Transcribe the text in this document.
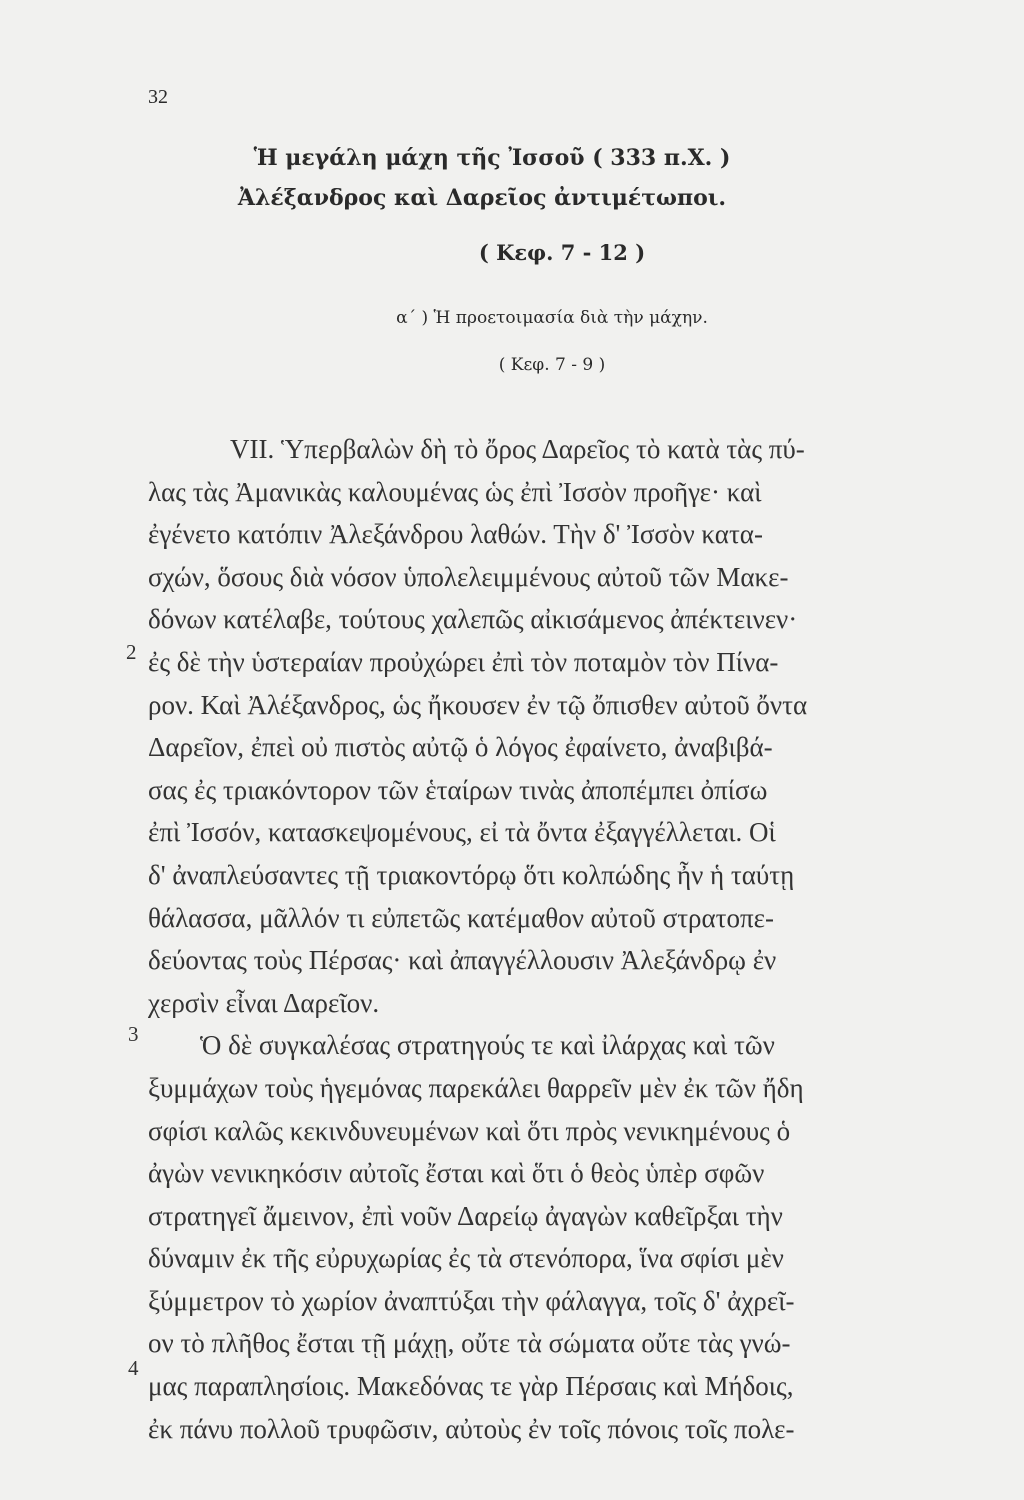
32
Ἡ μεγάλη μάχη τῆς Ἰσσοῦ ( 333 π.Χ. )
Ἀλέξανδρος καὶ Δαρεῖος ἀντιμέτωποι.
( Κεφ. 7 - 12 )
α΄ ) Ἡ προετοιμασία διὰ τὴν μάχην.
( Κεφ. 7 - 9 )
2
3
4
VII. Ὑπερβαλὼν δὴ τὸ ὄρος Δαρεῖος τὸ κατὰ τὰς πύ-
λας τὰς Ἀμανικὰς καλουμένας ὡς ἐπὶ Ἰσσὸν προῆγε· καὶ
ἐγένετο κατόπιν Ἀλεξάνδρου λαθών. Τὴν δ' Ἰσσὸν κατα-
σχών, ὅσους διὰ νόσον ὑπολελειμμένους αὐτοῦ τῶν Μακε-
δόνων κατέλαβε, τούτους χαλεπῶς αἰκισάμενος ἀπέκτεινεν·
ἐς δὲ τὴν ὑστεραίαν προὐχώρει ἐπὶ τὸν ποταμὸν τὸν Πίνα-
ρον. Καὶ Ἀλέξανδρος, ὡς ἤκουσεν ἐν τῷ ὄπισθεν αὐτοῦ ὄντα
Δαρεῖον, ἐπεὶ οὐ πιστὸς αὐτῷ ὁ λόγος ἐφαίνετο, ἀναβιβά-
σας ἐς τριακόντορον τῶν ἑταίρων τινὰς ἀποπέμπει ὀπίσω
ἐπὶ Ἰσσόν, κατασκεψομένους, εἰ τὰ ὄντα ἐξαγγέλλεται. Οἱ
δ' ἀναπλεύσαντες τῇ τριακοντόρῳ ὅτι κολπώδης ἦν ἡ ταύτῃ
θάλασσα, μᾶλλόν τι εὐπετῶς κατέμαθον αὐτοῦ στρατοπε-
δεύοντας τοὺς Πέρσας· καὶ ἀπαγγέλλουσιν Ἀλεξάνδρῳ ἐν
χερσὶν εἶναι Δαρεῖον.
Ὁ δὲ συγκαλέσας στρατηγούς τε καὶ ἰλάρχας καὶ τῶν
ξυμμάχων τοὺς ἡγεμόνας παρεκάλει θαρρεῖν μὲν ἐκ τῶν ἤδη
σφίσι καλῶς κεκινδυνευμένων καὶ ὅτι πρὸς νενικημένους ὁ
ἀγὼν νενικηκόσιν αὐτοῖς ἔσται καὶ ὅτι ὁ θεὸς ὑπὲρ σφῶν
στρατηγεῖ ἄμεινον, ἐπὶ νοῦν Δαρείῳ ἀγαγὼν καθεῖρξαι τὴν
δύναμιν ἐκ τῆς εὐρυχωρίας ἐς τὰ στενόπορα, ἵνα σφίσι μὲν
ξύμμετρον τὸ χωρίον ἀναπτύξαι τὴν φάλαγγα, τοῖς δ' ἀχρεῖ-
ον τὸ πλῆθος ἔσται τῇ μάχῃ, οὔτε τὰ σώματα οὔτε τὰς γνώ-
μας παραπλησίοις. Μακεδόνας τε γὰρ Πέρσαις καὶ Μήδοις,
ἐκ πάνυ πολλοῦ τρυφῶσιν, αὐτοὺς ἐν τοῖς πόνοις τοῖς πολε-
